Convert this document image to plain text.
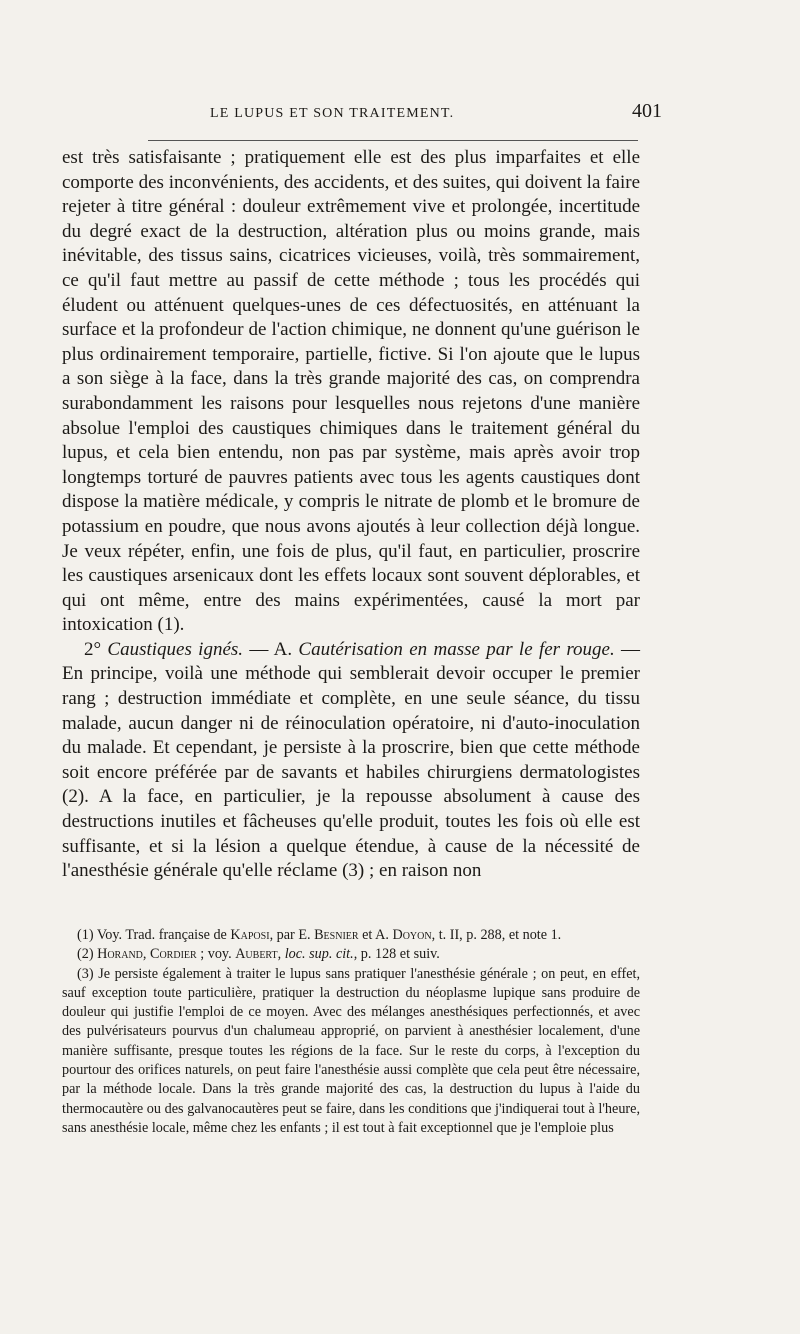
LE LUPUS ET SON TRAITEMENT.	401

est très satisfaisante ; pratiquement elle est des plus imparfaites et elle comporte des inconvénients, des accidents, et des suites, qui doivent la faire rejeter à titre général : douleur extrêmement vive et prolongée, incertitude du degré exact de la destruction, altération plus ou moins grande, mais inévitable, des tissus sains, cicatrices vicieuses, voilà, très sommairement, ce qu'il faut mettre au passif de cette méthode ; tous les procédés qui éludent ou atténuent quelques-unes de ces défectuosités, en atténuant la surface et la profondeur de l'action chimique, ne donnent qu'une guérison le plus ordinairement temporaire, partielle, fictive. Si l'on ajoute que le lupus a son siège à la face, dans la très grande majorité des cas, on comprendra surabondamment les raisons pour lesquelles nous rejetons d'une manière absolue l'emploi des caustiques chimiques dans le traitement général du lupus, et cela bien entendu, non pas par système, mais après avoir trop longtemps torturé de pauvres patients avec tous les agents caustiques dont dispose la matière médicale, y compris le nitrate de plomb et le bromure de potassium en poudre, que nous avons ajoutés à leur collection déjà longue. Je veux répéter, enfin, une fois de plus, qu'il faut, en particulier, proscrire les caustiques arsenicaux dont les effets locaux sont souvent déplorables, et qui ont même, entre des mains expérimentées, causé la mort par intoxication (1).

2° Caustiques ignés. — A. Cautérisation en masse par le fer rouge. — En principe, voilà une méthode qui semblerait devoir occuper le premier rang ; destruction immédiate et complète, en une seule séance, du tissu malade, aucun danger ni de réinoculation opératoire, ni d'auto-inoculation du malade. Et cependant, je persiste à la proscrire, bien que cette méthode soit encore préférée par de savants et habiles chirurgiens dermatologistes (2). A la face, en particulier, je la repousse absolument à cause des destructions inutiles et fâcheuses qu'elle produit, toutes les fois où elle est suffisante, et si la lésion a quelque étendue, à cause de la nécessité de l'anesthésie générale qu'elle réclame (3) ; en raison non

(1) Voy. Trad. française de Kaposi, par E. Besnier et A. Doyon, t. II, p. 288, et note 1.

(2) Horand, Cordier ; voy. Aubert, loc. sup. cit., p. 128 et suiv.

(3) Je persiste également à traiter le lupus sans pratiquer l'anesthésie générale ; on peut, en effet, sauf exception toute particulière, pratiquer la destruction du néoplasme lupique sans produire de douleur qui justifie l'emploi de ce moyen. Avec des mélanges anesthésiques perfectionnés, et avec des pulvérisateurs pourvus d'un chalumeau approprié, on parvient à anesthésier localement, d'une manière suffisante, presque toutes les régions de la face. Sur le reste du corps, à l'exception du pourtour des orifices naturels, on peut faire l'anesthésie aussi complète que cela peut être nécessaire, par la méthode locale. Dans la très grande majorité des cas, la destruction du lupus à l'aide du thermocautère ou des galvanocautères peut se faire, dans les conditions que j'indiquerai tout à l'heure, sans anesthésie locale, même chez les enfants ; il est tout à fait exceptionnel que je l'emploie plus
